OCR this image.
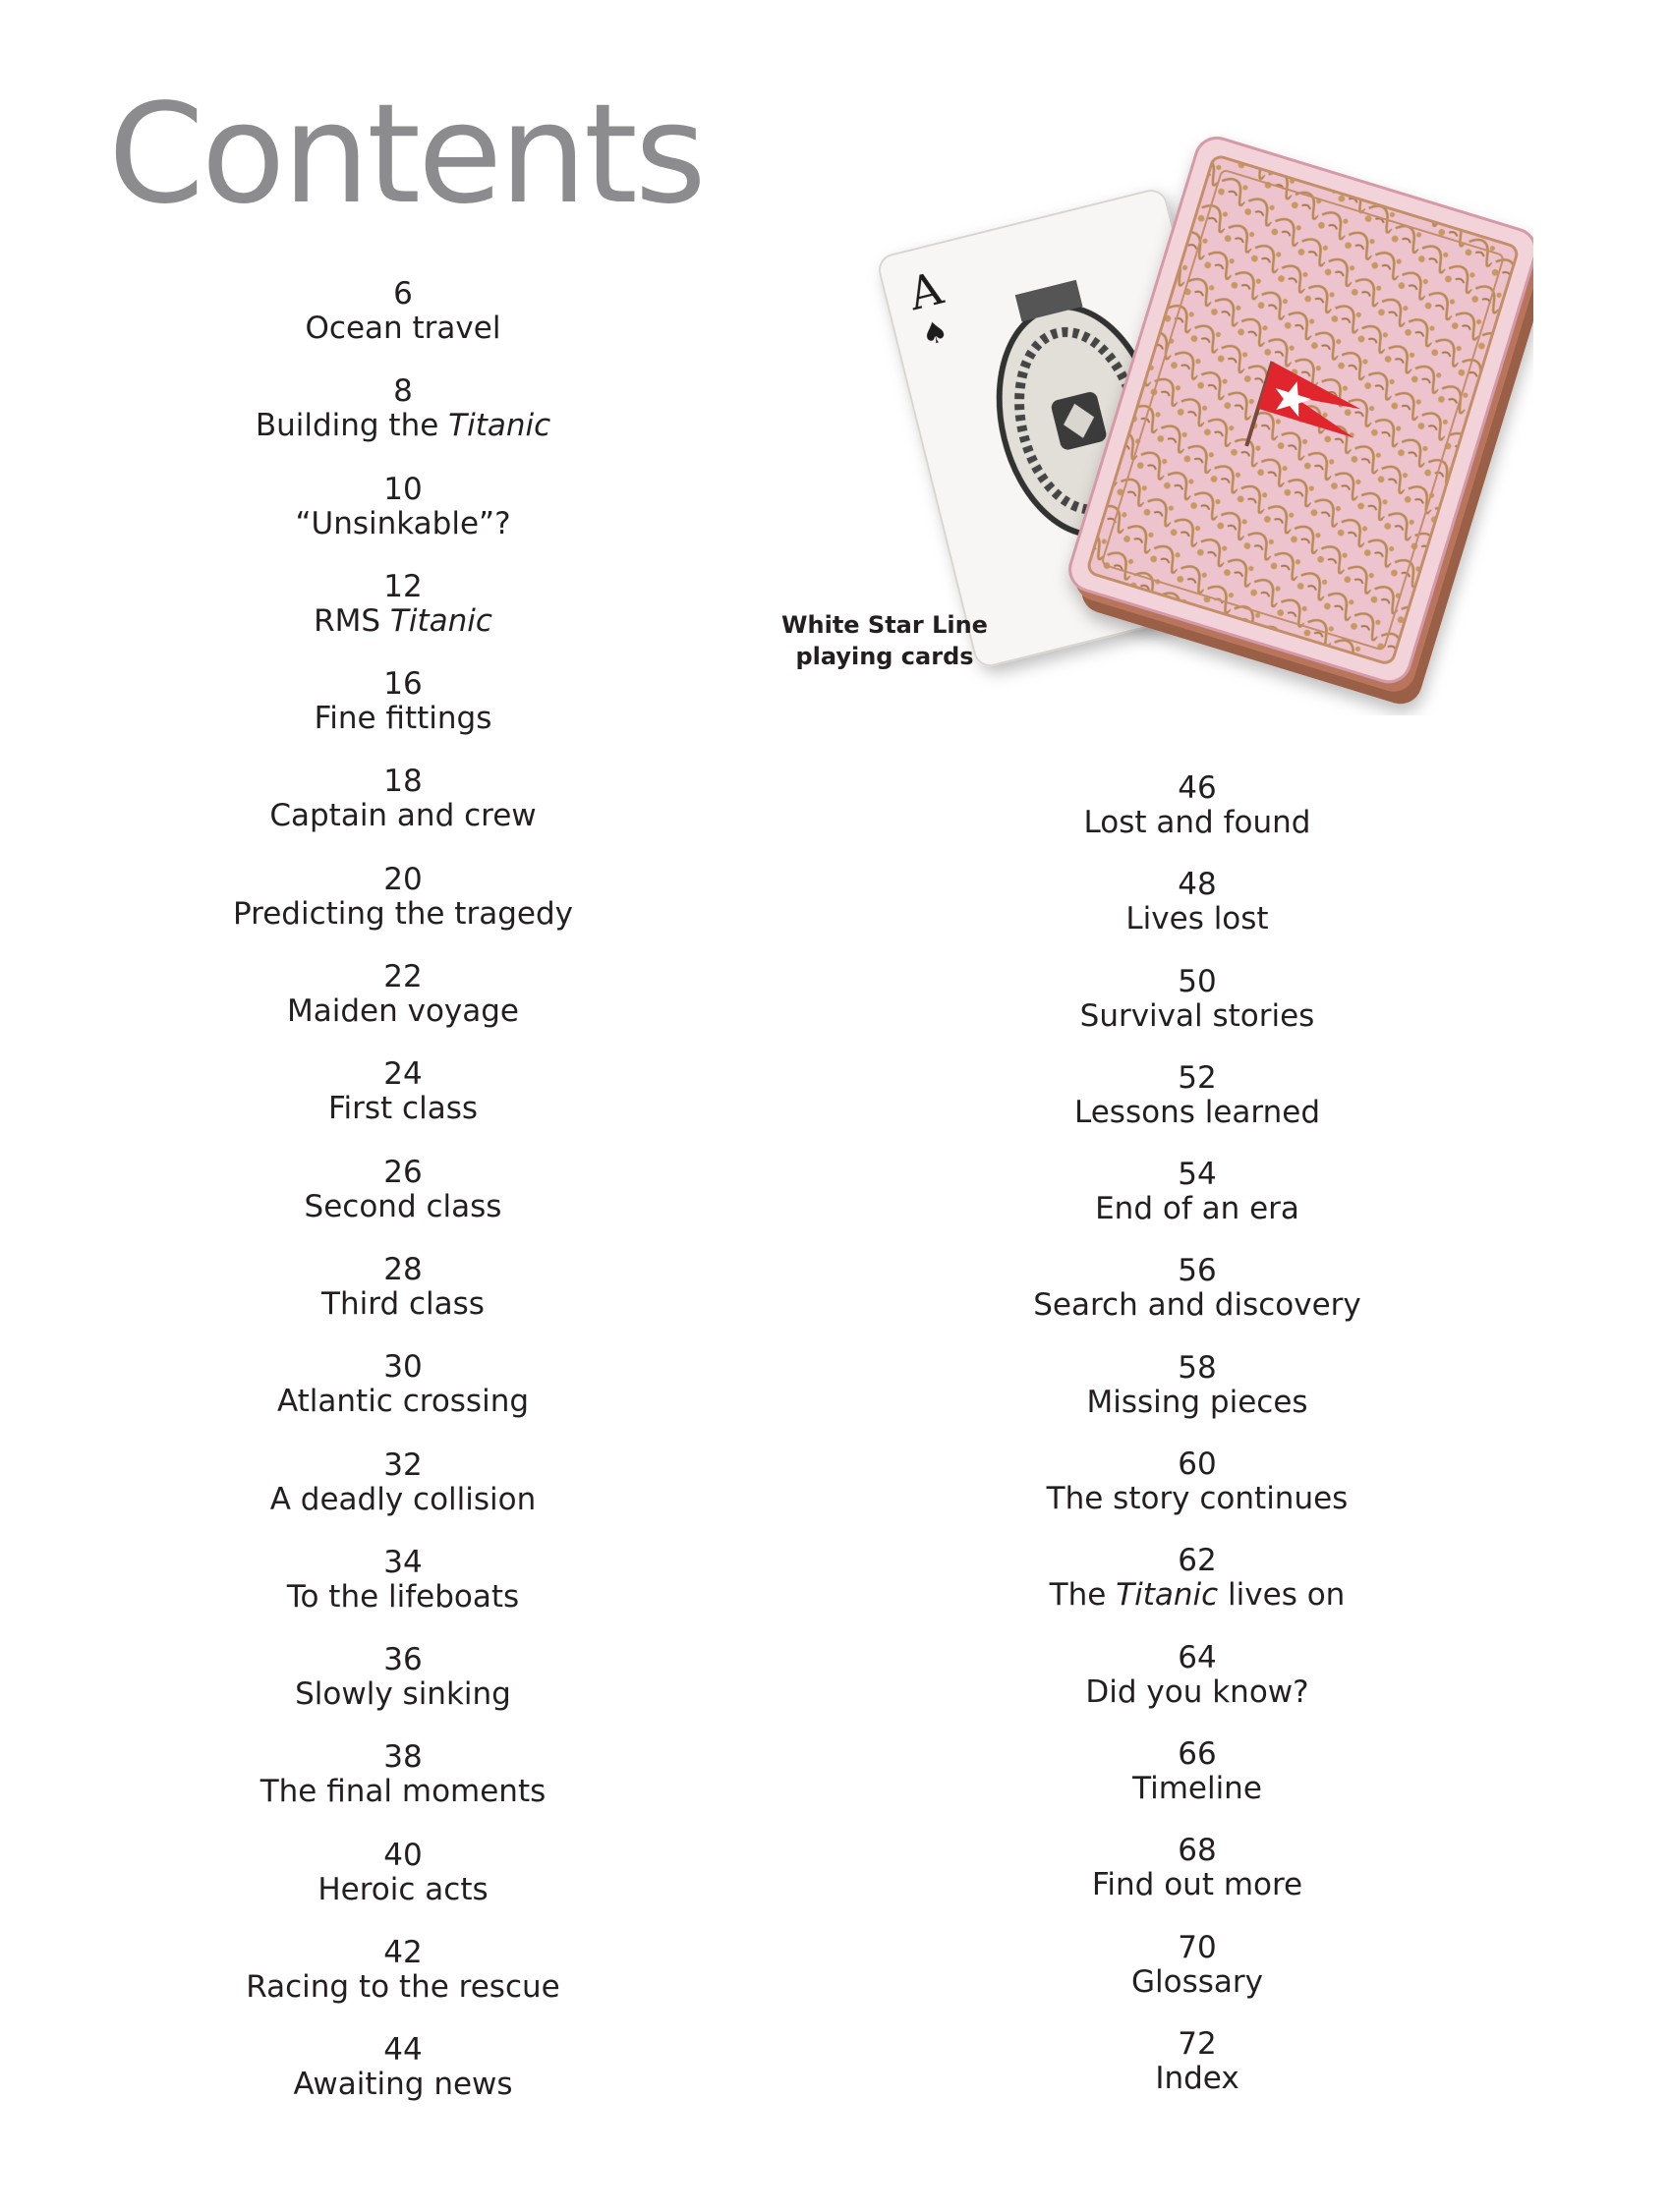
Contents
6
Ocean travel
8
Building the Titanic
10
“Unsinkable”?
12
RMS Titanic
16
Fine fittings
18
Captain and crew
20
Predicting the tragedy
22
Maiden voyage
24
First class
26
Second class
28
Third class
30
Atlantic crossing
32
A deadly collision
34
To the lifeboats
36
Slowly sinking
38
The final moments
40
Heroic acts
42
Racing to the rescue
44
Awaiting news
46
Lost and found
48
Lives lost
50
Survival stories
52
Lessons learned
54
End of an era
56
Search and discovery
58
Missing pieces
60
The story continues
62
The Titanic lives on
64
Did you know?
66
Timeline
68
Find out more
70
Glossary
72
Index
A
♠
White Star Line
playing cards
